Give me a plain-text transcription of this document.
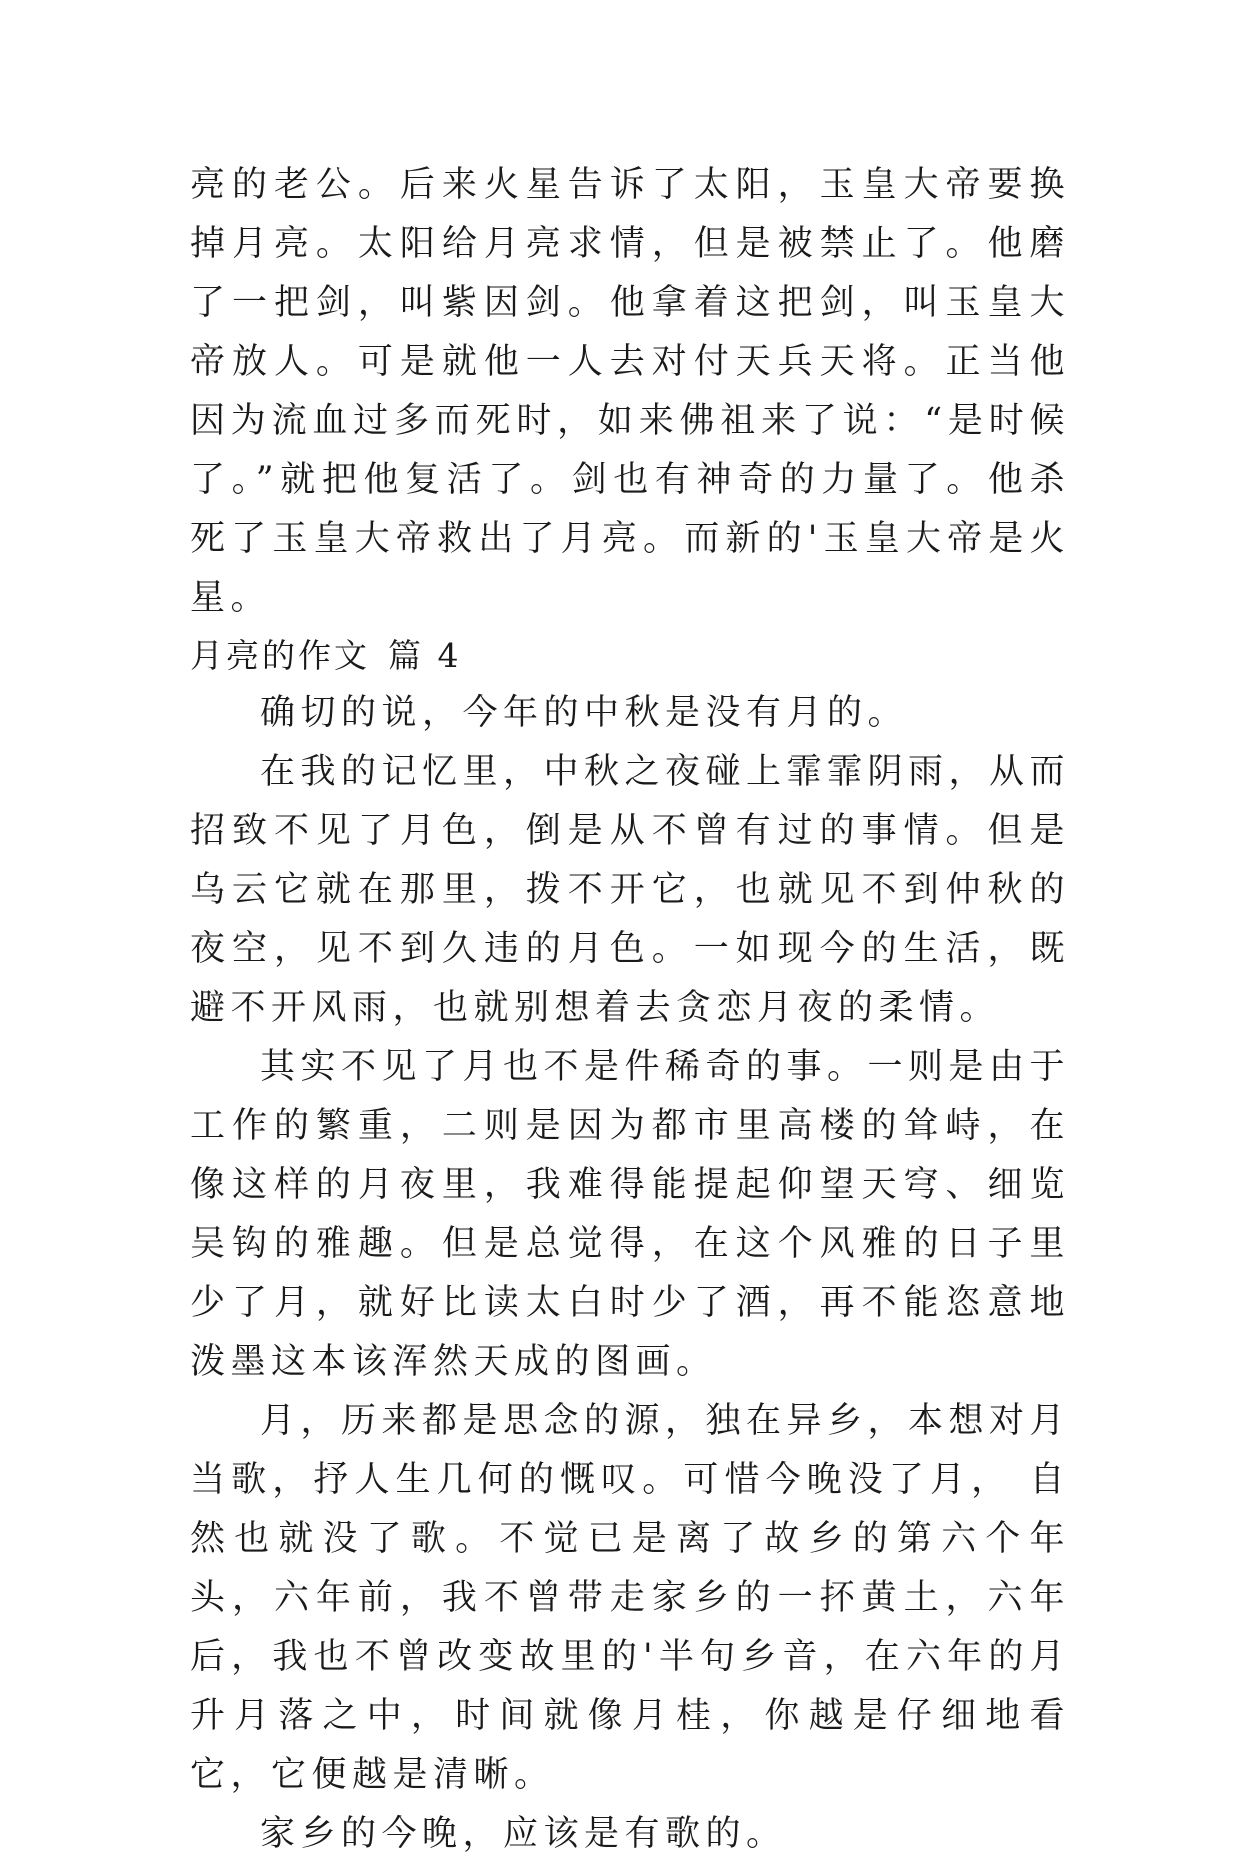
亮的老公。后来火星告诉了太阳，玉皇大帝要换掉月亮。太阳给月亮求情，但是被禁止了。他磨了一把剑，叫紫因剑。他拿着这把剑，叫玉皇大帝放人。可是就他一人去对付天兵天将。正当他因为流血过多而死时，如来佛祖来了说：“是时候了。”就把他复活了。剑也有神奇的力量了。他杀死了玉皇大帝救出了月亮。而新的'玉皇大帝是火星。

月亮的作文 篇 4

确切的说，今年的中秋是没有月的。

在我的记忆里，中秋之夜碰上霏霏阴雨，从而招致不见了月色，倒是从不曾有过的事情。但是乌云它就在那里，拨不开它，也就见不到仲秋的夜空，见不到久违的月色。一如现今的生活，既避不开风雨，也就别想着去贪恋月夜的柔情。

其实不见了月也不是件稀奇的事。一则是由于工作的繁重，二则是因为都市里高楼的耸峙，在像这样的月夜里，我难得能提起仰望天穹、细览吴钩的雅趣。但是总觉得，在这个风雅的日子里少了月，就好比读太白时少了酒，再不能恣意地泼墨这本该浑然天成的图画。

月，历来都是思念的源，独在异乡，本想对月当歌，抒人生几何的慨叹。可惜今晚没了月， 自然也就没了歌。不觉已是离了故乡的第六个年头，六年前，我不曾带走家乡的一抔黄土，六年后，我也不曾改变故里的'半句乡音，在六年的月升月落之中，时间就像月桂，你越是仔细地看它，它便越是清晰。

家乡的今晚，应该是有歌的。
